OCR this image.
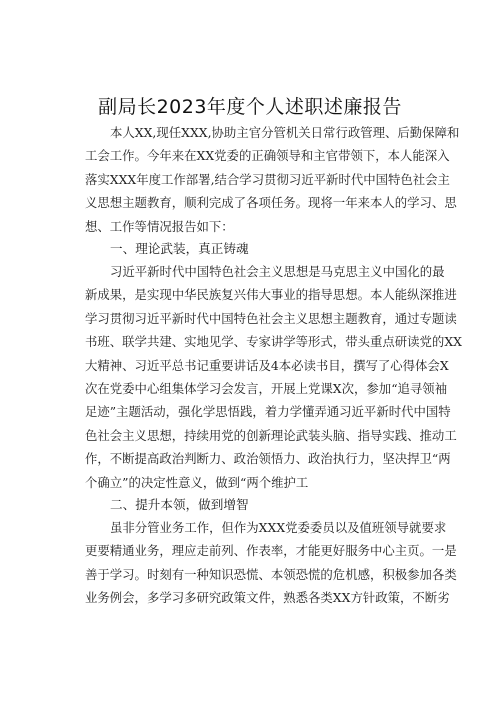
副局长2023年度个人述职述廉报告
本人XX,现任XXX,协助主官分管机关日常行政管理、后勤保障和
工会工作。今年来在XX党委的正确领导和主官带领下，本人能深入
落实XXX年度工作部署,结合学习贯彻习近平新时代中国特色社会主
义思想主题教育，顺利完成了各项任务。现将一年来本人的学习、思
想、工作等情况报告如下：
一、理论武装，真正铸魂
习近平新时代中国特色社会主义思想是马克思主义中国化的最
新成果，是实现中华民族复兴伟大事业的指导思想。本人能纵深推进
学习贯彻习近平新时代中国特色社会主义思想主题教育，通过专题读
书班、联学共建、实地见学、专家讲学等形式，带头重点研读党的XX
大精神、习近平总书记重要讲话及4本必读书目，撰写了心得体会X
次在党委中心组集体学习会发言，开展上党课X次，参加“追寻领袖
足迹”主题活动，强化学思悟践，着力学懂弄通习近平新时代中国特
色社会主义思想，持续用党的创新理论武装头脑、指导实践、推动工
作，不断提高政治判断力、政治领悟力、政治执行力，坚决捍卫“两
个确立”的决定性意义，做到“两个维护工
二、提升本领，做到增智
虽非分管业务工作，但作为XXX党委委员以及值班领导就要求
更要精通业务，理应走前列、作表率，才能更好服务中心主页。一是
善于学习。时刻有一种知识恐慌、本领恐慌的危机感，积极参加各类
业务例会，多学习多研究政策文件，熟悉各类XX方针政策，不断劣
